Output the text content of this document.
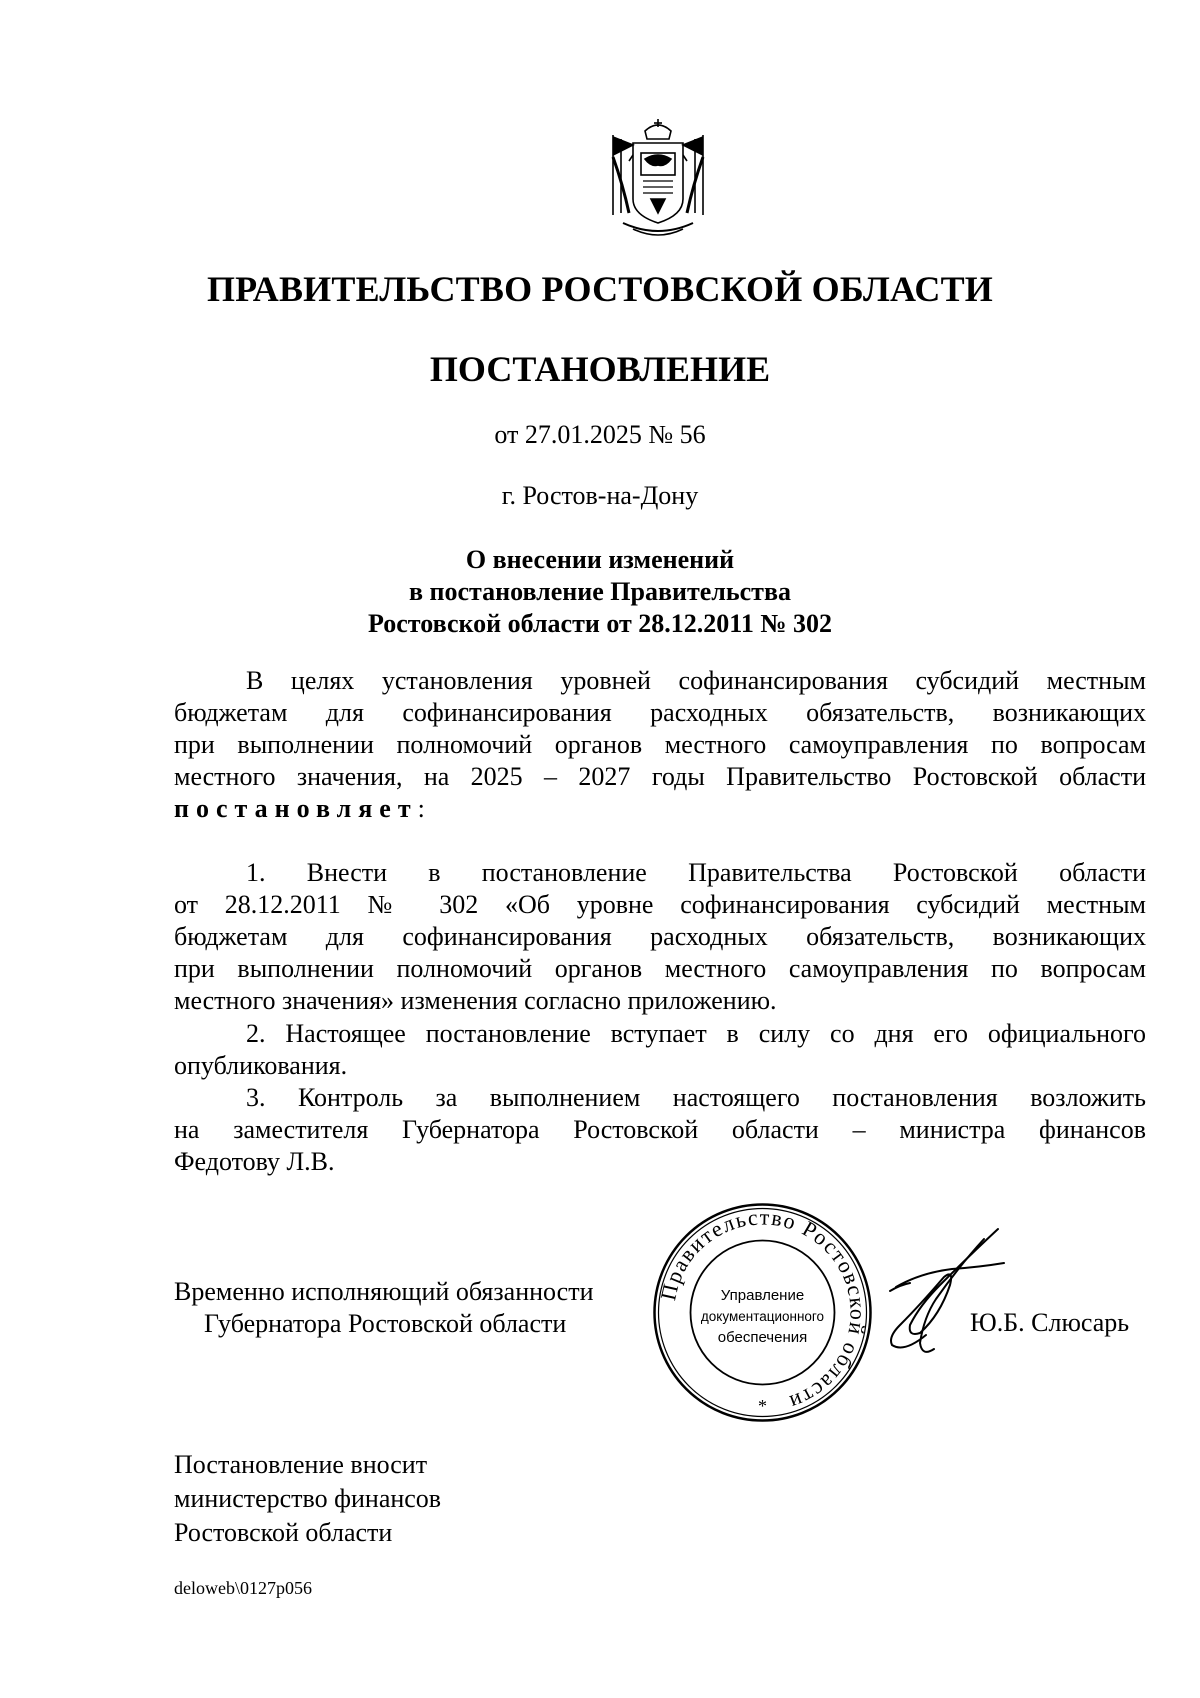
ПРАВИТЕЛЬСТВО РОСТОВСКОЙ ОБЛАСТИ
ПОСТАНОВЛЕНИЕ
от 27.01.2025 № 56
г. Ростов-на-Дону
О внесении изменений
в постановление Правительства
Ростовской области от 28.12.2011 № 302
В целях установления уровней софинансирования субсидий местным
бюджетам для софинансирования расходных обязательств, возникающих
при выполнении полномочий органов местного самоуправления по вопросам
местного значения, на 2025 – 2027 годы Правительство Ростовской области
постановляет:
1. Внести в постановление Правительства Ростовской области
от 28.12.2011 № 302 «Об уровне софинансирования субсидий местным
бюджетам для софинансирования расходных обязательств, возникающих
при выполнении полномочий органов местного самоуправления по вопросам
местного значения» изменения согласно приложению.
2. Настоящее постановление вступает в силу со дня его официального
опубликования.
3. Контроль за выполнением настоящего постановления возложить
на заместителя Губернатора Ростовской области – министра финансов
Федотову Л.В.
Временно исполняющий обязанности
Губернатора Ростовской области
Правительство Ростовской области
Управление
документационного
обеспечения
*
Ю.Б. Слюсарь
Постановление вносит
министерство финансов
Ростовской области
deloweb\0127p056
